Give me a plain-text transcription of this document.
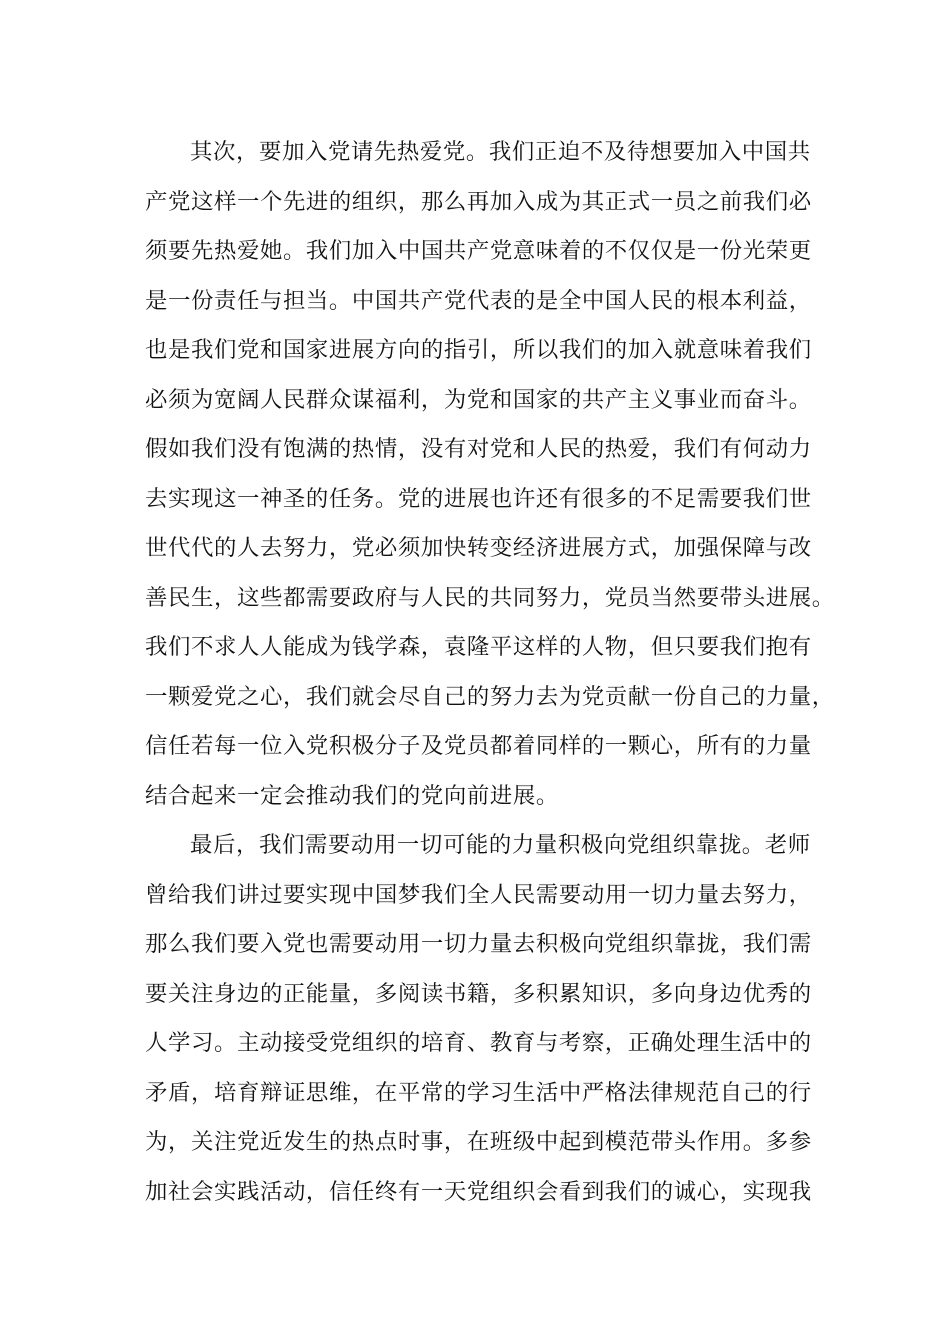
其次，要加入党请先热爱党。我们正迫不及待想要加入中国共
产党这样一个先进的组织，那么再加入成为其正式一员之前我们必
须要先热爱她。我们加入中国共产党意味着的不仅仅是一份光荣更
是一份责任与担当。中国共产党代表的是全中国人民的根本利益，
也是我们党和国家进展方向的指引，所以我们的加入就意味着我们
必须为宽阔人民群众谋福利，为党和国家的共产主义事业而奋斗。
假如我们没有饱满的热情，没有对党和人民的热爱，我们有何动力
去实现这一神圣的任务。党的进展也许还有很多的不足需要我们世
世代代的人去努力，党必须加快转变经济进展方式，加强保障与改
善民生，这些都需要政府与人民的共同努力，党员当然要带头进展。
我们不求人人能成为钱学森，袁隆平这样的人物，但只要我们抱有
一颗爱党之心，我们就会尽自己的努力去为党贡献一份自己的力量，
信任若每一位入党积极分子及党员都着同样的一颗心，所有的力量
结合起来一定会推动我们的党向前进展。
最后，我们需要动用一切可能的力量积极向党组织靠拢。老师
曾给我们讲过要实现中国梦我们全人民需要动用一切力量去努力，
那么我们要入党也需要动用一切力量去积极向党组织靠拢，我们需
要关注身边的正能量，多阅读书籍，多积累知识，多向身边优秀的
人学习。主动接受党组织的培育、教育与考察，正确处理生活中的
矛盾，培育辩证思维，在平常的学习生活中严格法律规范自己的行
为，关注党近发生的热点时事，在班级中起到模范带头作用。多参
加社会实践活动，信任终有一天党组织会看到我们的诚心，实现我
